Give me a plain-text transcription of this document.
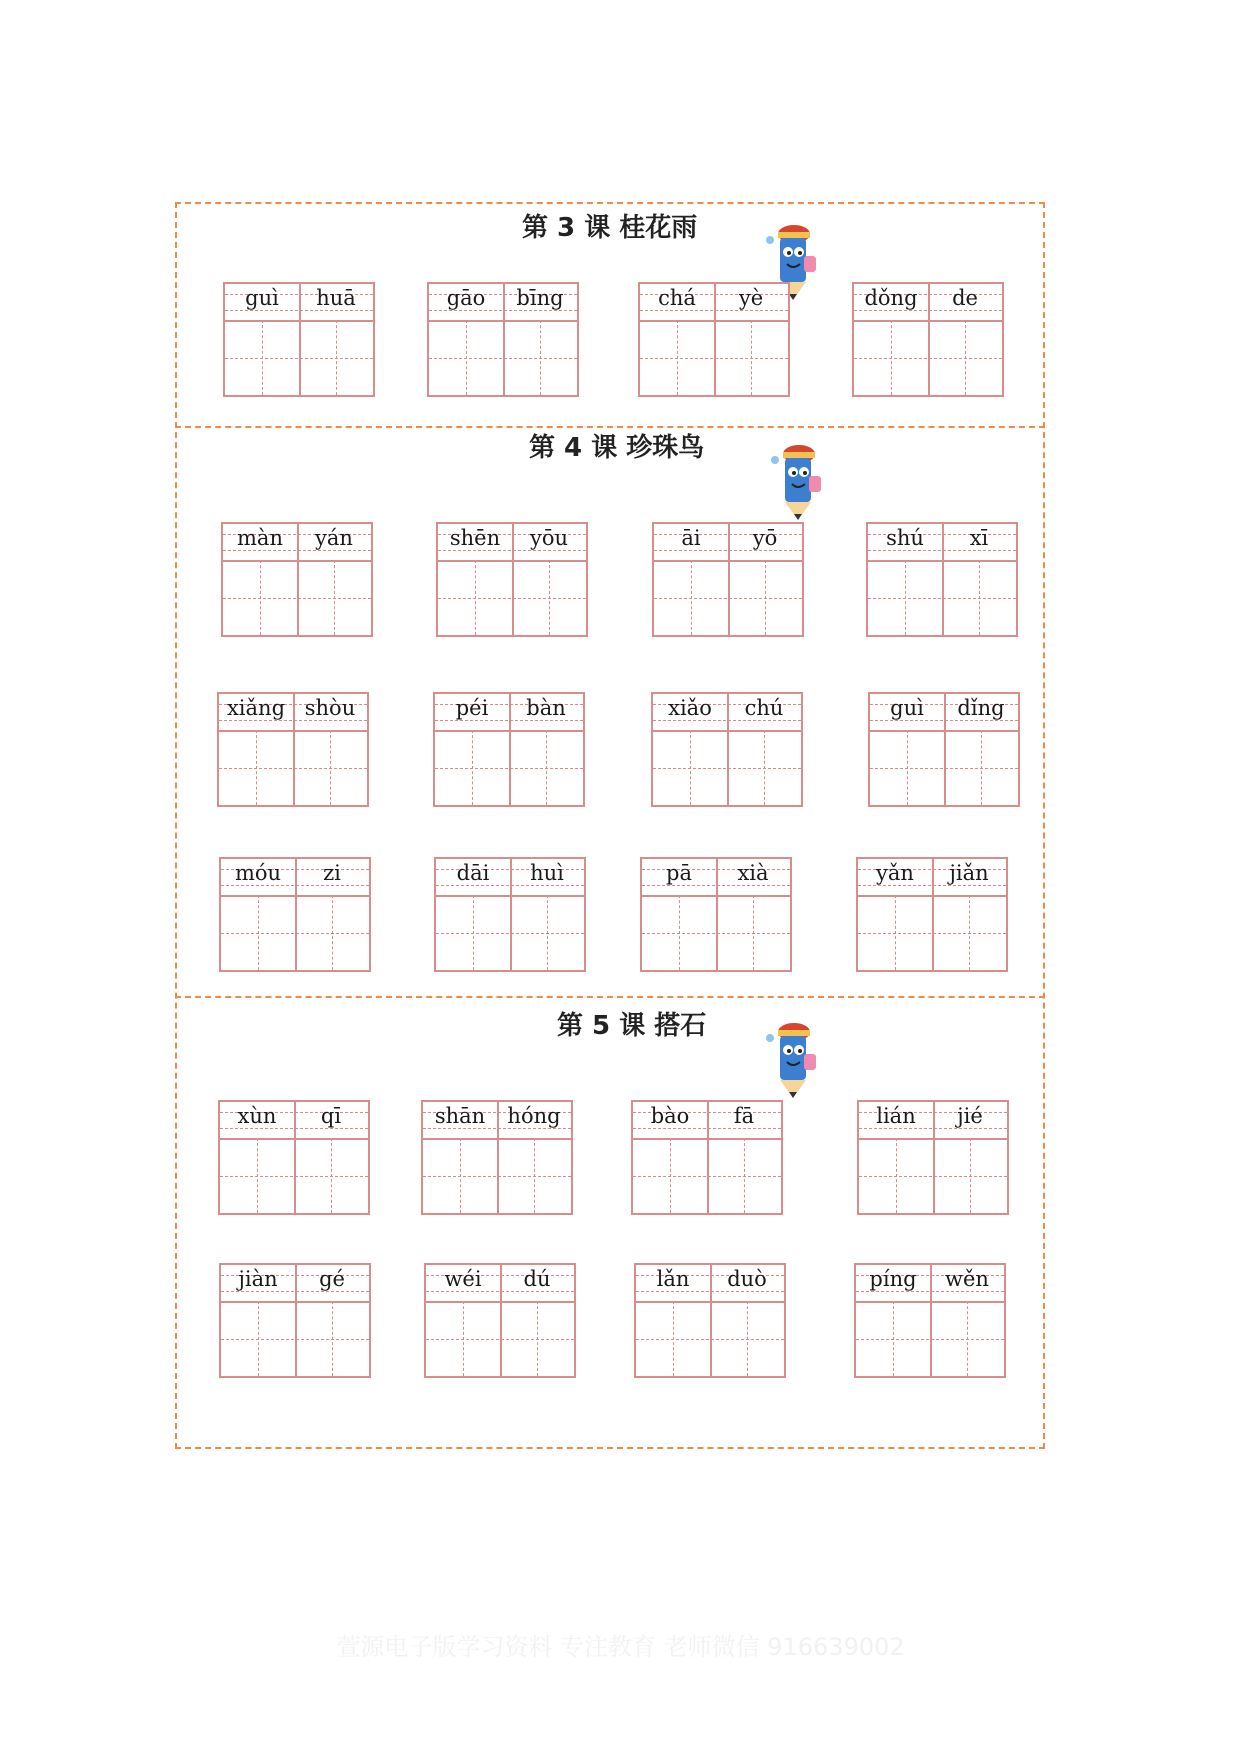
第 3 课 桂花雨
guì	huā	gāo	bīng	chá	yè	dǒng	de
第 4 课 珍珠鸟
màn	yán	shēn	yōu	āi	yō	shú	xī
xiǎng shòu	péi	bàn	xiǎo	chú	guì	dǐng
móu	zi	dāi	huì	pā	xià	yǎn	jiǎn
第 5 课 搭石
xùn	qī	shān	hóng	bào	fā	lián	jié
jiàn	gé	wéi	dú	lǎn	duò	píng	wěn
萱源电子版学习资料 专注教育 老师微信 916639002
